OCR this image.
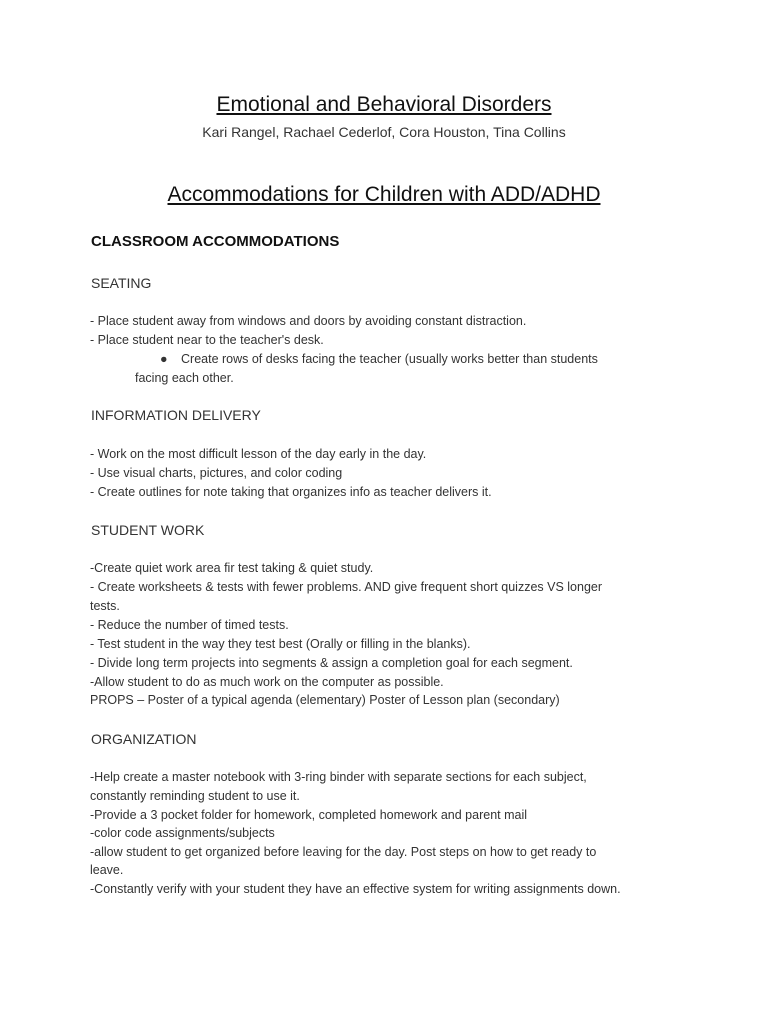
Emotional and Behavioral Disorders
Kari Rangel, Rachael Cederlof, Cora Houston, Tina Collins
Accommodations for Children with ADD/ADHD
CLASSROOM ACCOMMODATIONS
SEATING
- Place student away from windows and doors by avoiding constant distraction.
- Place student near to the teacher's desk.
● Create rows of desks facing the teacher (usually works better than students
facing each other.
INFORMATION DELIVERY
- Work on the most difficult lesson of the day early in the day.
- Use visual charts, pictures, and color coding
- Create outlines for note taking that organizes info as teacher delivers it.
STUDENT WORK
-Create quiet work area fir test taking & quiet study.
- Create worksheets & tests with fewer problems. AND give frequent short quizzes VS longer
tests.
- Reduce the number of timed tests.
- Test student in the way they test best (Orally or filling in the blanks).
- Divide long term projects into segments & assign a completion goal for each segment.
-Allow student to do as much work on the computer as possible.
PROPS – Poster of a typical agenda (elementary) Poster of Lesson plan (secondary)
ORGANIZATION
-Help create a master notebook with 3-ring binder with separate sections for each subject,
constantly reminding student to use it.
-Provide a 3 pocket folder for homework, completed homework and parent mail
-color code assignments/subjects
-allow student to get organized before leaving for the day. Post steps on how to get ready to
leave.
-Constantly verify with your student they have an effective system for writing assignments down.
